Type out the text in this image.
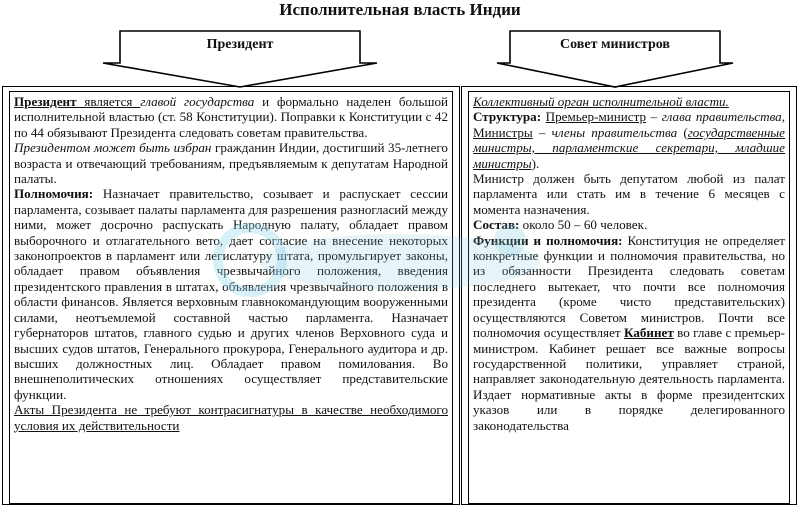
Исполнительная власть Индии
Президент	Совет министров

Президент является главой государства и формально наделен большой исполнительной властью (ст. 58 Конституции). Поправки к Конституции с 42 по 44 обязывают Президента следовать советам правительства.

Президентом может быть избран гражданин Индии, достигший 35-летнего возраста и отвечающий требованиям, предъявляемым к депутатам Народной палаты.

Полномочия: Назначает правительство, созывает и распускает сессии парламента, созывает палаты парламента для разрешения разногласий между ними, может досрочно распускать Народную палату, обладает правом выборочного и отлагательного вето, дает согласие на внесение некоторых законопроектов в парламент или легислатуру штата, промульгирует законы, обладает правом объявления чрезвычайного положения, введения президентского правления в штатах, объявления чрезвычайного положения в области финансов. Является верховным главнокомандующим вооруженными силами, неотъемлемой составной частью парламента. Назначает губернаторов штатов, главного судью и других членов Верховного суда и высших судов штатов, Генерального прокурора, Генерального аудитора и др. высших должностных лиц. Обладает правом помилования. Во внешнеполитических отношениях осуществляет представительские функции.

Акты Президента не требуют контрасигнатуры в качестве необходимого условия их действительности

Коллективный орган исполнительной власти.

Структура: Премьер-министр – глава правительства, Министры – члены правительства (государственные министры, парламентские секретари, младшие министры).

Министр должен быть депутатом любой из палат парламента или стать им в течение 6 месяцев с момента назначения.

Состав: около 50 – 60 человек.

Функции и полномочия: Конституция не определяет конкретные функции и полномочия правительства, но из обязанности Президента следовать советам последнего вытекает, что почти все полномочия президента (кроме чисто представительских) осуществляются Советом министров. Почти все полномочия осуществляет Кабинет во главе с премьер-министром. Кабинет решает все важные вопросы государственной политики, управляет страной, направляет законодательную деятельность парламента. Издает нормативные акты в форме президентских указов или в порядке делегированного законодательства
